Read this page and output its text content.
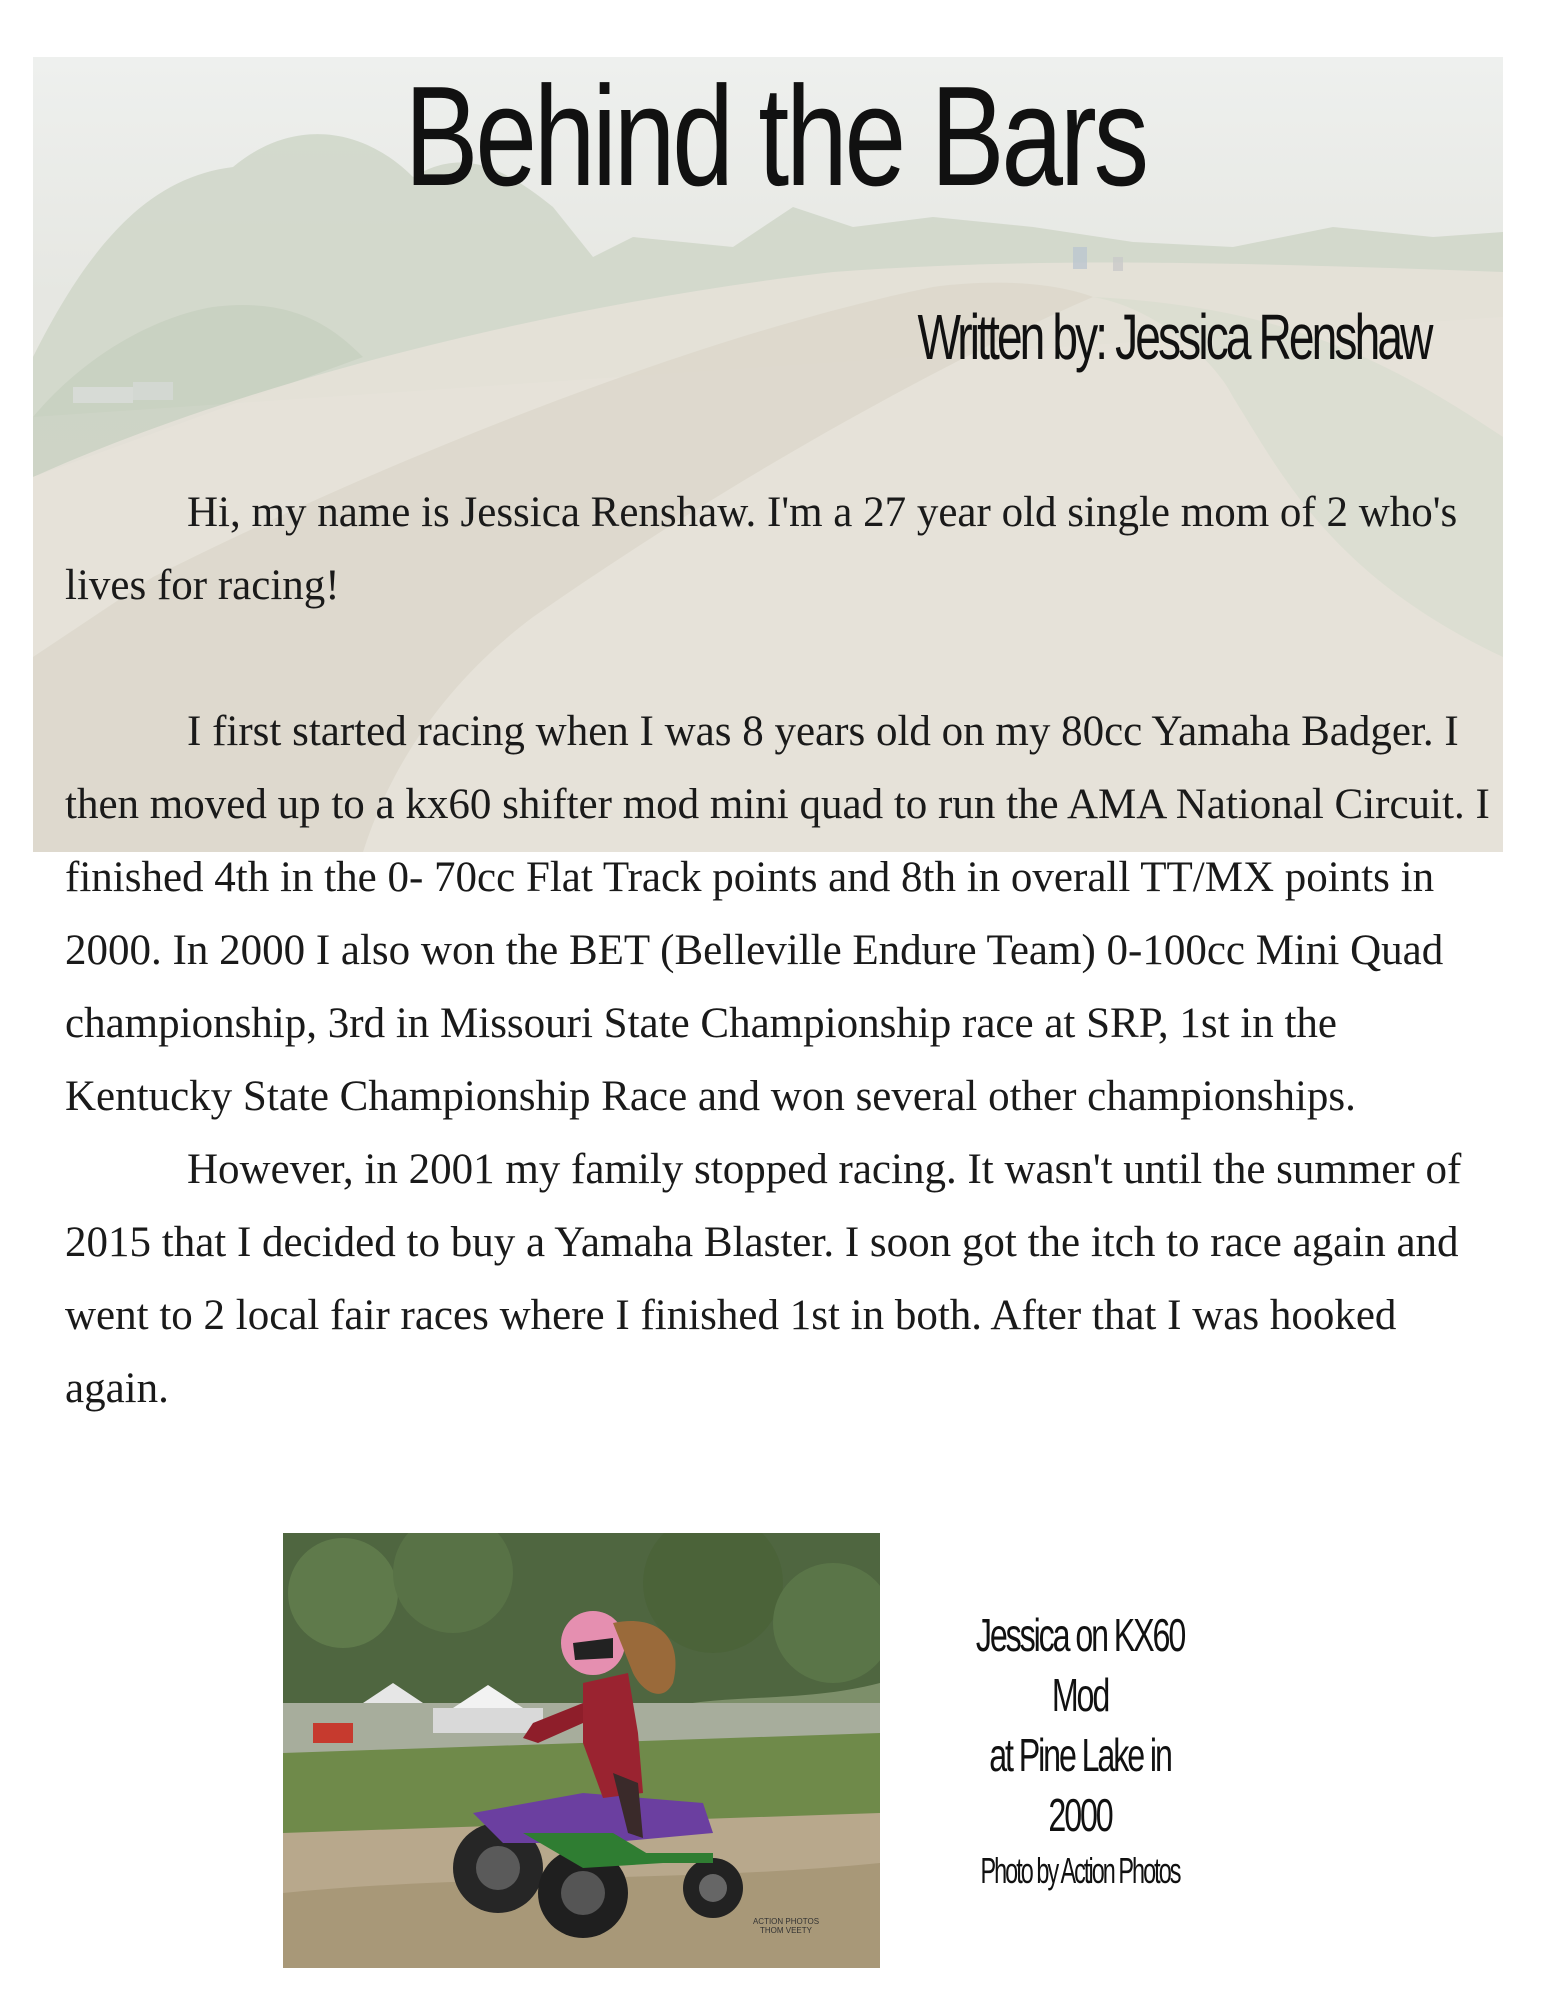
Behind the Bars
Written by: Jessica Renshaw

Hi, my name is Jessica Renshaw. I'm a 27 year old single mom of 2 who's lives for racing!

I first started racing when I was 8 years old on my 80cc Yamaha Badger. I then moved up to a kx60 shifter mod mini quad to run the AMA National Circuit. I finished 4th in the 0- 70cc Flat Track points and 8th in overall TT/MX points in 2000. In 2000 I also won the BET (Belleville Endure Team) 0-100cc Mini Quad championship, 3rd in Missouri State Championship race at SRP, 1st in the Kentucky State Championship Race and won several other championships.

However, in 2001 my family stopped racing. It wasn't until the summer of 2015 that I decided to buy a Yamaha Blaster. I soon got the itch to race again and went to 2 local fair races where I finished 1st in both. After that I was hooked again.

ACTION PHOTOS
THOM VEETY
Jessica on KX60 Mod
at Pine Lake in 2000
Photo by Action Photos
